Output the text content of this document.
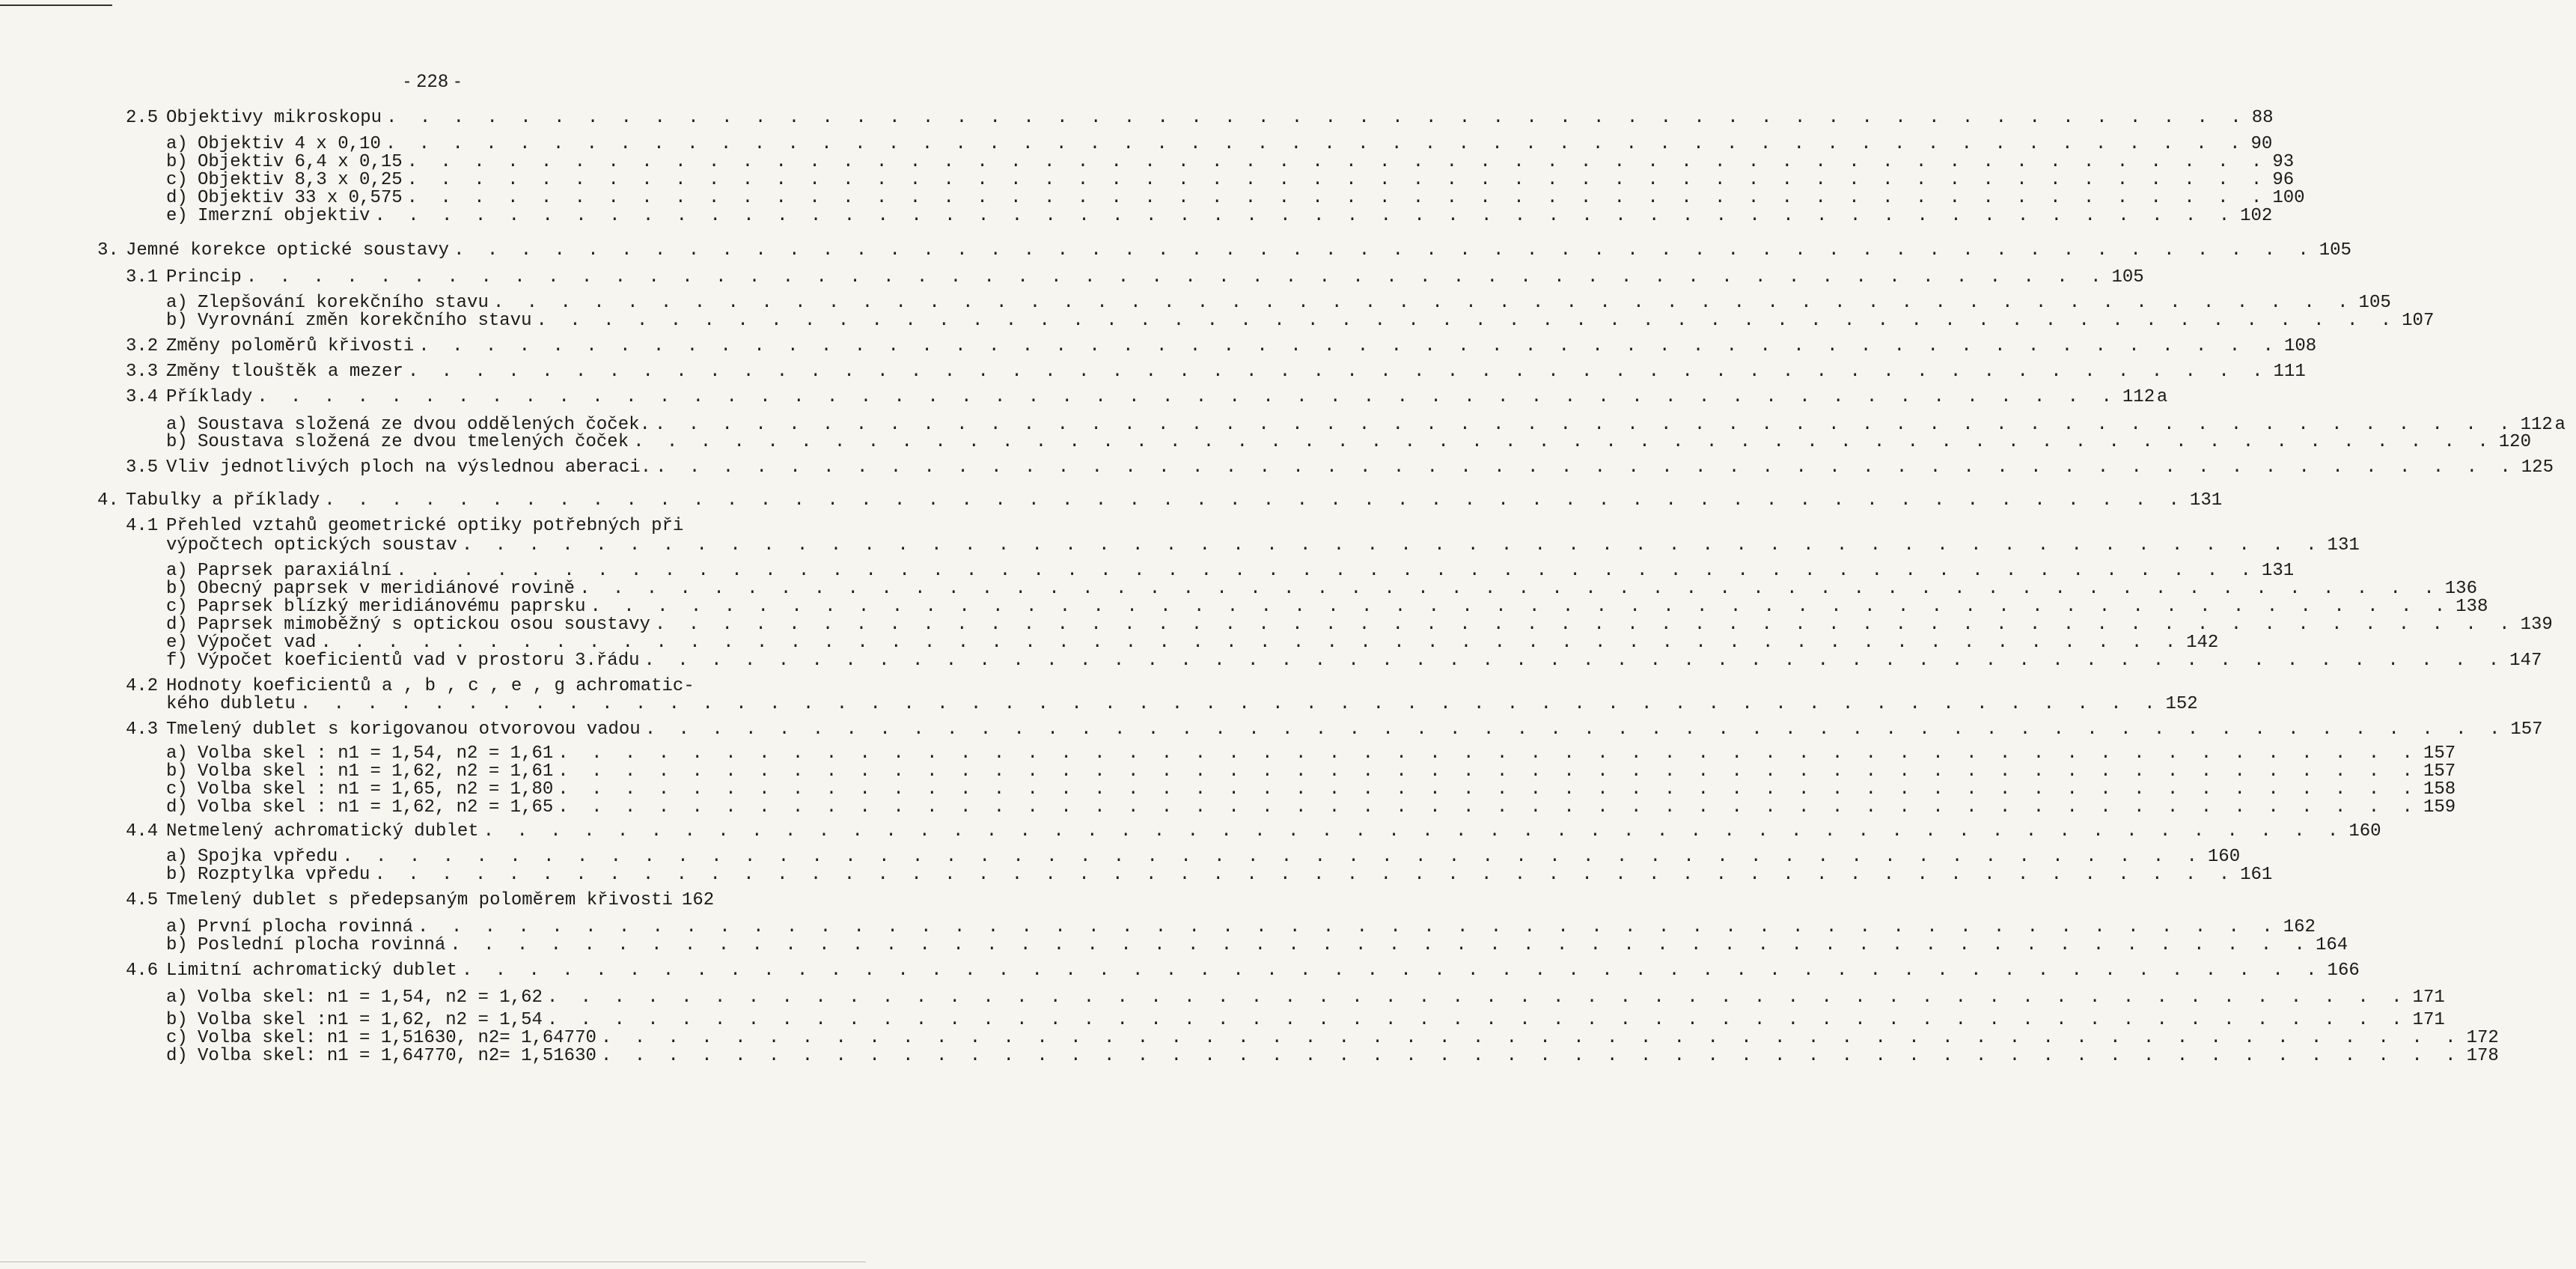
- 228 -
2.5 Objektivy mikroskopu . . . . . . . . . . . . . . . . . . . . . . . . . . . . . . . . . . . . . . . . . . . . . . . . . . . . . . . . 88
a) Objektiv 4 x 0,10 . . . . . . . . . . . . . . . . . . . . . . . . . . . . . . . . . . . . . . . . . . . . . . . . . . . . . . . . 90
b) Objektiv 6,4 x 0,15 . . . . . . . . . . . . . . . . . . . . . . . . . . . . . . . . . . . . . . . . . . . . . . . . . . . . . . . . 93
c) Objektiv 8,3 x 0,25 . . . . . . . . . . . . . . . . . . . . . . . . . . . . . . . . . . . . . . . . . . . . . . . . . . . . . . . . 96
d) Objektiv 33 x 0,575 . . . . . . . . . . . . . . . . . . . . . . . . . . . . . . . . . . . . . . . . . . . . . . . . . . . . . . . . 100
e) Imerzní objektiv . . . . . . . . . . . . . . . . . . . . . . . . . . . . . . . . . . . . . . . . . . . . . . . . . . . . . . . . 102
3. Jemné korekce optické soustavy . . . . . . . . . . . . . . . . . . . . . . . . . . . . . . . . . . . . . . . . . . . . . . . . . . . . . . . . 105
3.1 Princip . . . . . . . . . . . . . . . . . . . . . . . . . . . . . . . . . . . . . . . . . . . . . . . . . . . . . . . . 105
a) Zlepšování korekčního stavu . . . . . . . . . . . . . . . . . . . . . . . . . . . . . . . . . . . . . . . . . . . . . . . . . . . . . . . . 105
b) Vyrovnání změn korekčního stavu . . . . . . . . . . . . . . . . . . . . . . . . . . . . . . . . . . . . . . . . . . . . . . . . . . . . . . . . 107
3.2 Změny poloměrů křivosti . . . . . . . . . . . . . . . . . . . . . . . . . . . . . . . . . . . . . . . . . . . . . . . . . . . . . . . . 108
3.3 Změny tlouštěk a mezer . . . . . . . . . . . . . . . . . . . . . . . . . . . . . . . . . . . . . . . . . . . . . . . . . . . . . . . . 111
3.4 Příklady . . . . . . . . . . . . . . . . . . . . . . . . . . . . . . . . . . . . . . . . . . . . . . . . . . . . . . . . 112 a
a) Soustava složená ze dvou oddělených čoček. . . . . . . . . . . . . . . . . . . . . . . . . . . . . . . . . . . . . . . . . . . . . . . . . . . . . . . . . 112 a
b) Soustava složená ze dvou tmelených čoček . . . . . . . . . . . . . . . . . . . . . . . . . . . . . . . . . . . . . . . . . . . . . . . . . . . . . . . . 120
3.5 Vliv jednotlivých ploch na výslednou aberaci. . . . . . . . . . . . . . . . . . . . . . . . . . . . . . . . . . . . . . . . . . . . . . . . . . . . . . . . . 125
4. Tabulky a příklady . . . . . . . . . . . . . . . . . . . . . . . . . . . . . . . . . . . . . . . . . . . . . . . . . . . . . . . . 131
4.1 Přehled vztahů geometrické optiky potřebných při
výpočtech optických soustav . . . . . . . . . . . . . . . . . . . . . . . . . . . . . . . . . . . . . . . . . . . . . . . . . . . . . . . . 131
a) Paprsek paraxiální . . . . . . . . . . . . . . . . . . . . . . . . . . . . . . . . . . . . . . . . . . . . . . . . . . . . . . . . 131
b) Obecný paprsek v meridiánové rovině . . . . . . . . . . . . . . . . . . . . . . . . . . . . . . . . . . . . . . . . . . . . . . . . . . . . . . . . 136
c) Paprsek blízký meridiánovému paprsku . . . . . . . . . . . . . . . . . . . . . . . . . . . . . . . . . . . . . . . . . . . . . . . . . . . . . . . . 138
d) Paprsek mimoběžný s optickou osou soustavy . . . . . . . . . . . . . . . . . . . . . . . . . . . . . . . . . . . . . . . . . . . . . . . . . . . . . . . . 139
e) Výpočet vad . . . . . . . . . . . . . . . . . . . . . . . . . . . . . . . . . . . . . . . . . . . . . . . . . . . . . . . . 142
f) Výpočet koeficientů vad v prostoru 3.řádu . . . . . . . . . . . . . . . . . . . . . . . . . . . . . . . . . . . . . . . . . . . . . . . . . . . . . . . . 147
4.2 Hodnoty koeficientů a , b , c , e , g achromatic-
kého dubletu . . . . . . . . . . . . . . . . . . . . . . . . . . . . . . . . . . . . . . . . . . . . . . . . . . . . . . . . 152
4.3 Tmelený dublet s korigovanou otvorovou vadou . . . . . . . . . . . . . . . . . . . . . . . . . . . . . . . . . . . . . . . . . . . . . . . . . . . . . . . . 157
a) Volba skel : n1 = 1,54, n2 = 1,61 . . . . . . . . . . . . . . . . . . . . . . . . . . . . . . . . . . . . . . . . . . . . . . . . . . . . . . . . 157
b) Volba skel : n1 = 1,62, n2 = 1,61 . . . . . . . . . . . . . . . . . . . . . . . . . . . . . . . . . . . . . . . . . . . . . . . . . . . . . . . . 157
c) Volba skel : n1 = 1,65, n2 = 1,80 . . . . . . . . . . . . . . . . . . . . . . . . . . . . . . . . . . . . . . . . . . . . . . . . . . . . . . . . 158
d) Volba skel : n1 = 1,62, n2 = 1,65 . . . . . . . . . . . . . . . . . . . . . . . . . . . . . . . . . . . . . . . . . . . . . . . . . . . . . . . . 159
4.4 Netmelený achromatický dublet . . . . . . . . . . . . . . . . . . . . . . . . . . . . . . . . . . . . . . . . . . . . . . . . . . . . . . . . 160
a) Spojka vpředu . . . . . . . . . . . . . . . . . . . . . . . . . . . . . . . . . . . . . . . . . . . . . . . . . . . . . . . . 160
b) Rozptylka vpředu . . . . . . . . . . . . . . . . . . . . . . . . . . . . . . . . . . . . . . . . . . . . . . . . . . . . . . . . 161
4.5 Tmelený dublet s předepsaným poloměrem křivosti 162
a) První plocha rovinná . . . . . . . . . . . . . . . . . . . . . . . . . . . . . . . . . . . . . . . . . . . . . . . . . . . . . . . . 162
b) Poslední plocha rovinná . . . . . . . . . . . . . . . . . . . . . . . . . . . . . . . . . . . . . . . . . . . . . . . . . . . . . . . . 164
4.6 Limitní achromatický dublet . . . . . . . . . . . . . . . . . . . . . . . . . . . . . . . . . . . . . . . . . . . . . . . . . . . . . . . . 166
a) Volba skel: n1 = 1,54, n2 = 1,62 . . . . . . . . . . . . . . . . . . . . . . . . . . . . . . . . . . . . . . . . . . . . . . . . . . . . . . . . 171
b) Volba skel :n1 = 1,62, n2 = 1,54 . . . . . . . . . . . . . . . . . . . . . . . . . . . . . . . . . . . . . . . . . . . . . . . . . . . . . . . . 171
c) Volba skel: n1 = 1,51630, n2= 1,64770 . . . . . . . . . . . . . . . . . . . . . . . . . . . . . . . . . . . . . . . . . . . . . . . . . . . . . . . . 172
d) Volba skel: n1 = 1,64770, n2= 1,51630 . . . . . . . . . . . . . . . . . . . . . . . . . . . . . . . . . . . . . . . . . . . . . . . . . . . . . . . . 178
